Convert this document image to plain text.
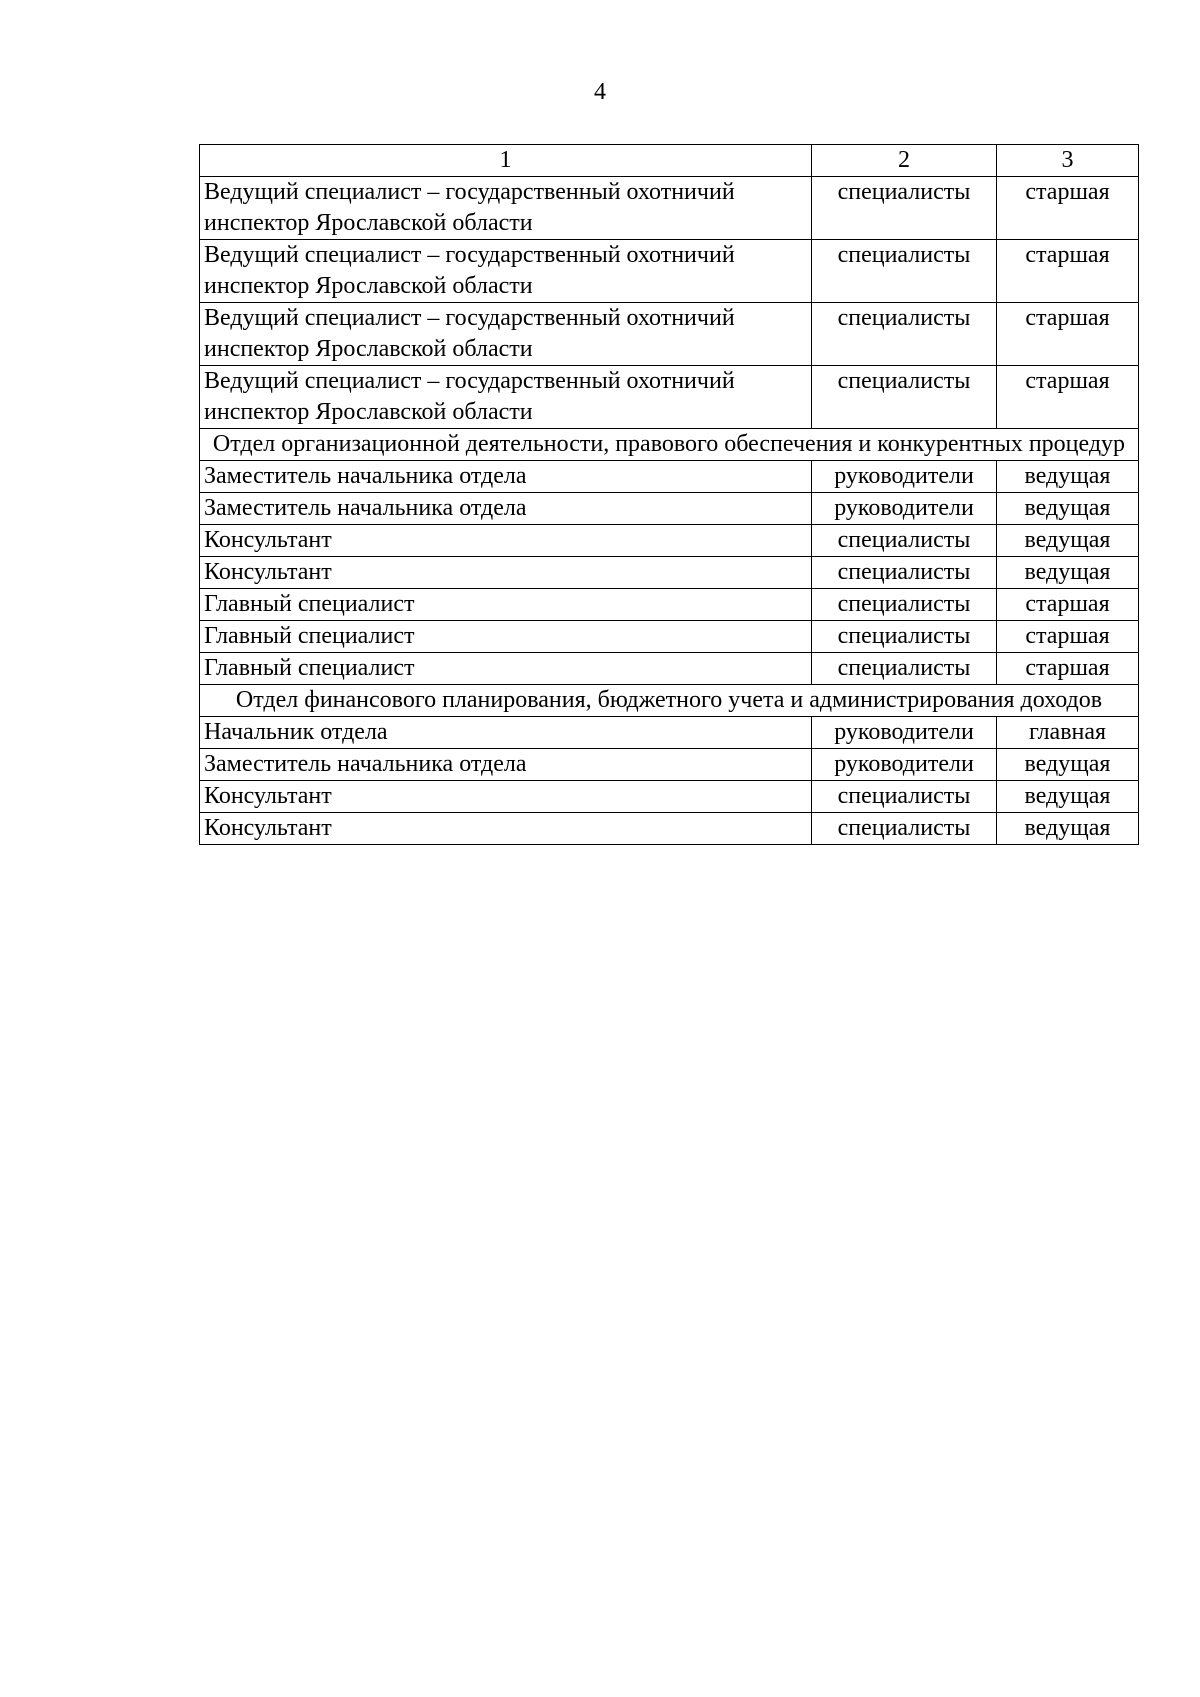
4
1	2	3
Ведущий специалист – государственный охотничий инспектор Ярославской области	специалисты	старшая
Ведущий специалист – государственный охотничий инспектор Ярославской области	специалисты	старшая
Ведущий специалист – государственный охотничий инспектор Ярославской области	специалисты	старшая
Ведущий специалист – государственный охотничий инспектор Ярославской области	специалисты	старшая
Отдел организационной деятельности, правового обеспечения и конкурентных процедур		
Заместитель начальника отдела	руководители	ведущая
Заместитель начальника отдела	руководители	ведущая
Консультант	специалисты	ведущая
Консультант	специалисты	ведущая
Главный специалист	специалисты	старшая
Главный специалист	специалисты	старшая
Главный специалист	специалисты	старшая
Отдел финансового планирования, бюджетного учета и администрирования доходов		
Начальник отдела	руководители	главная
Заместитель начальника отдела	руководители	ведущая
Консультант	специалисты	ведущая
Консультант	специалисты	ведущая
